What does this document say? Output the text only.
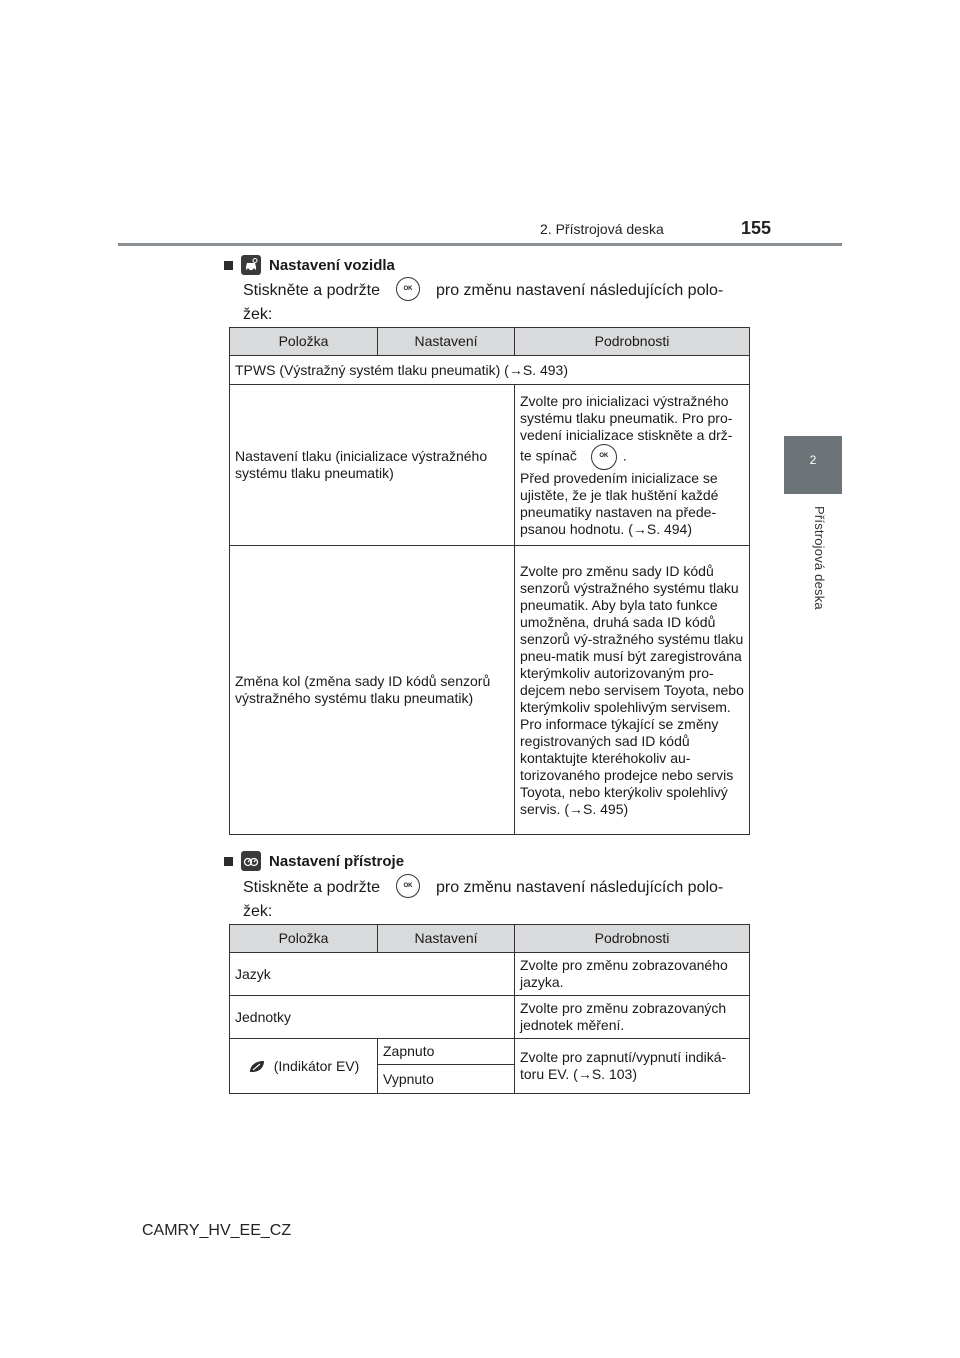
2. Přístrojová deska	155
2
Přístrojová deska
Nastavení vozidla
Stiskněte a podržte	OK pro změnu nastavení následujících polo-
žek:
Položka	Nastavení	Podrobnosti
TPWS (Výstražný systém tlaku pneumatik) (→S. 493)		
Nastavení tlaku (inicializace výstražného systému tlaku pneumatik)		Zvolte pro inicializaci výstražného systému tlaku pneumatik. Pro pro-vedení inicializace stiskněte a drž-
te spínač OK .
Před provedením inicializace se ujistěte, že je tlak huštění každé pneumatiky nastaven na přede-psanou hodnotu. (→S. 494)
Změna kol (změna sady ID kódů senzorů výstražného systému tlaku pneumatik)		Zvolte pro změnu sady ID kódů senzorů výstražného systému tlaku pneumatik. Aby byla tato funkce umožněna, druhá sada ID kódů senzorů vý-stražného systému tlaku pneu-matik musí být zaregistrována kterýmkoliv autorizovaným pro-dejcem nebo servisem Toyota, nebo kterýmkoliv spolehlivým servisem. Pro informace týkající se změny registrovaných sad ID kódů kontaktujte kteréhokoliv au-torizovaného prodejce nebo servis Toyota, nebo kterýkoliv spolehlivý servis. (→S. 495)
Nastavení přístroje
Stiskněte a podržte	OK pro změnu nastavení následujících polo-
žek:
Položka	Nastavení	Podrobnosti
Jazyk		Zvolte pro změnu zobrazovaného jazyka.
Jednotky		Zvolte pro změnu zobrazovaných jednotek měření.
(Indikátor EV)	Zapnuto	Zvolte pro zapnutí/vypnutí indiká-toru EV. (→S. 103)
	Vypnuto	
CAMRY_HV_EE_CZ
